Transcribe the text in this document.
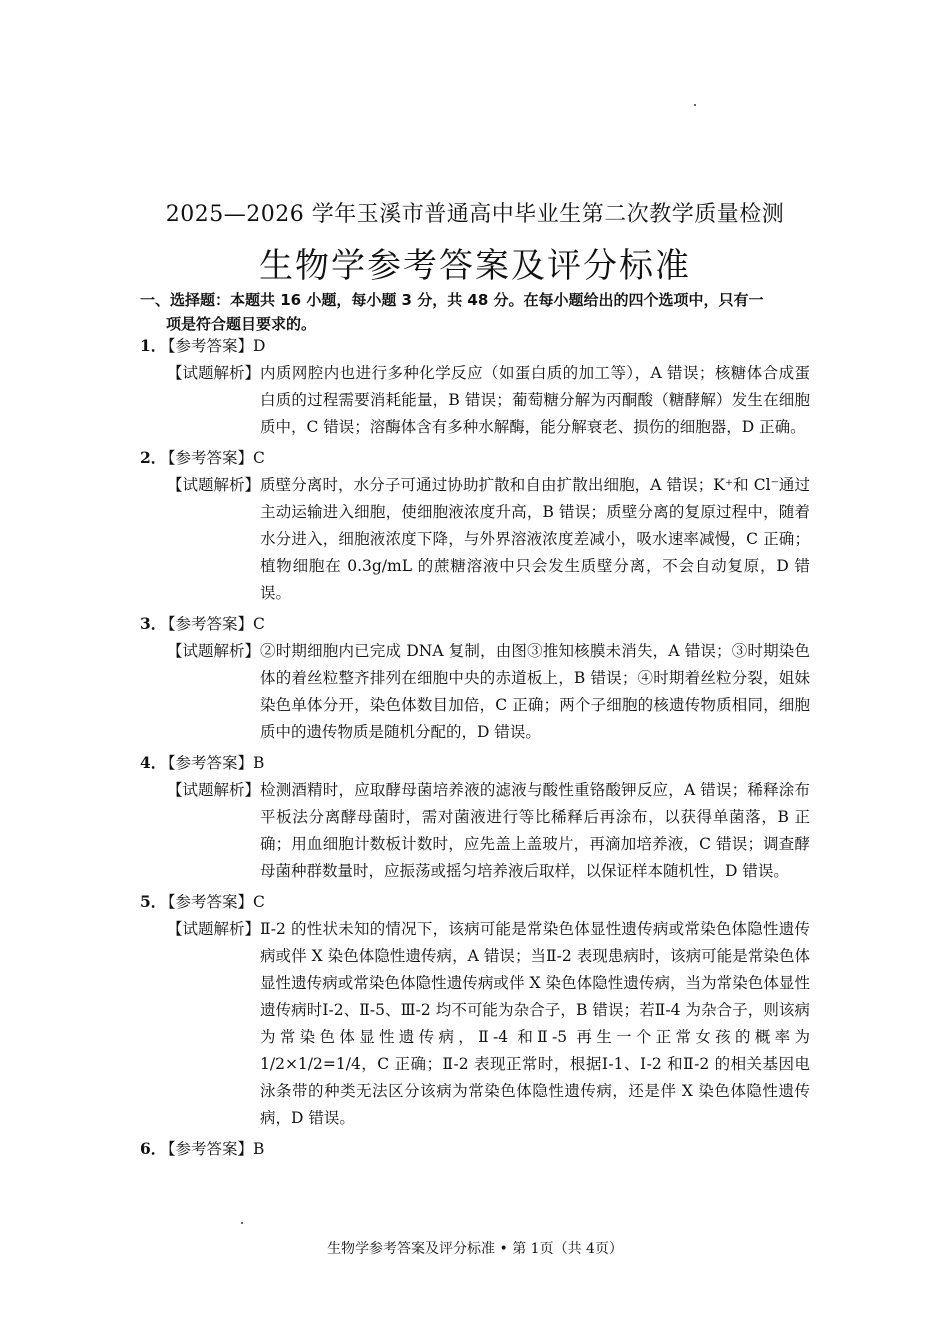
2025—2026 学年玉溪市普通高中毕业生第二次教学质量检测
生物学参考答案及评分标准
一、选择题：本题共 16 小题，每小题 3 分，共 48 分。在每小题给出的四个选项中，只有一
项是符合题目要求的。
1．【参考答案】D
【试题解析】 内质网腔内也进行多种化学反应（如蛋白质的加工等），A 错误；核糖体合成蛋白质的过程需要消耗能量，B 错误；葡萄糖分解为丙酮酸（糖酵解）发生在细胞质中，C 错误；溶酶体含有多种水解酶，能分解衰老、损伤的细胞器，D 正确。
2．【参考答案】C
【试题解析】 质壁分离时，水分子可通过协助扩散和自由扩散出细胞，A 错误；K⁺和 Cl⁻通过主动运输进入细胞，使细胞液浓度升高，B 错误；质壁分离的复原过程中，随着水分进入，细胞液浓度下降，与外界溶液浓度差减小，吸水速率减慢，C 正确；植物细胞在 0.3g/mL 的蔗糖溶液中只会发生质壁分离，不会自动复原，D 错误。
3．【参考答案】C
【试题解析】 ②时期细胞内已完成 DNA 复制，由图③推知核膜未消失，A 错误；③时期染色体的着丝粒整齐排列在细胞中央的赤道板上，B 错误；④时期着丝粒分裂，姐妹染色单体分开，染色体数目加倍，C 正确；两个子细胞的核遗传物质相同，细胞质中的遗传物质是随机分配的，D 错误。
4．【参考答案】B
【试题解析】 检测酒精时，应取酵母菌培养液的滤液与酸性重铬酸钾反应，A 错误；稀释涂布平板法分离酵母菌时，需对菌液进行等比稀释后再涂布，以获得单菌落，B 正确；用血细胞计数板计数时，应先盖上盖玻片，再滴加培养液，C 错误；调查酵母菌种群数量时，应振荡或摇匀培养液后取样，以保证样本随机性，D 错误。
5．【参考答案】C
【试题解析】 Ⅱ-2 的性状未知的情况下，该病可能是常染色体显性遗传病或常染色体隐性遗传病或伴 X 染色体隐性遗传病，A 错误；当Ⅱ-2 表现患病时，该病可能是常染色体显性遗传病或常染色体隐性遗传病或伴 X 染色体隐性遗传病，当为常染色体显性遗传病时Ⅰ-2、Ⅱ-5、Ⅲ-2 均不可能为杂合子，B 错误；若Ⅱ-4 为杂合子，则该病为常染色体显性遗传病，Ⅱ-4 和Ⅱ-5 再生一个正常女孩的概率为 1/2×1/2=1/4，C 正确；Ⅱ-2 表现正常时，根据Ⅰ-1、Ⅰ-2 和Ⅱ-2 的相关基因电泳条带的种类无法区分该病为常染色体隐性遗传病，还是伴 X 染色体隐性遗传病，D 错误。
6．【参考答案】B
生物学参考答案及评分标准 • 第 1页（共 4页）
